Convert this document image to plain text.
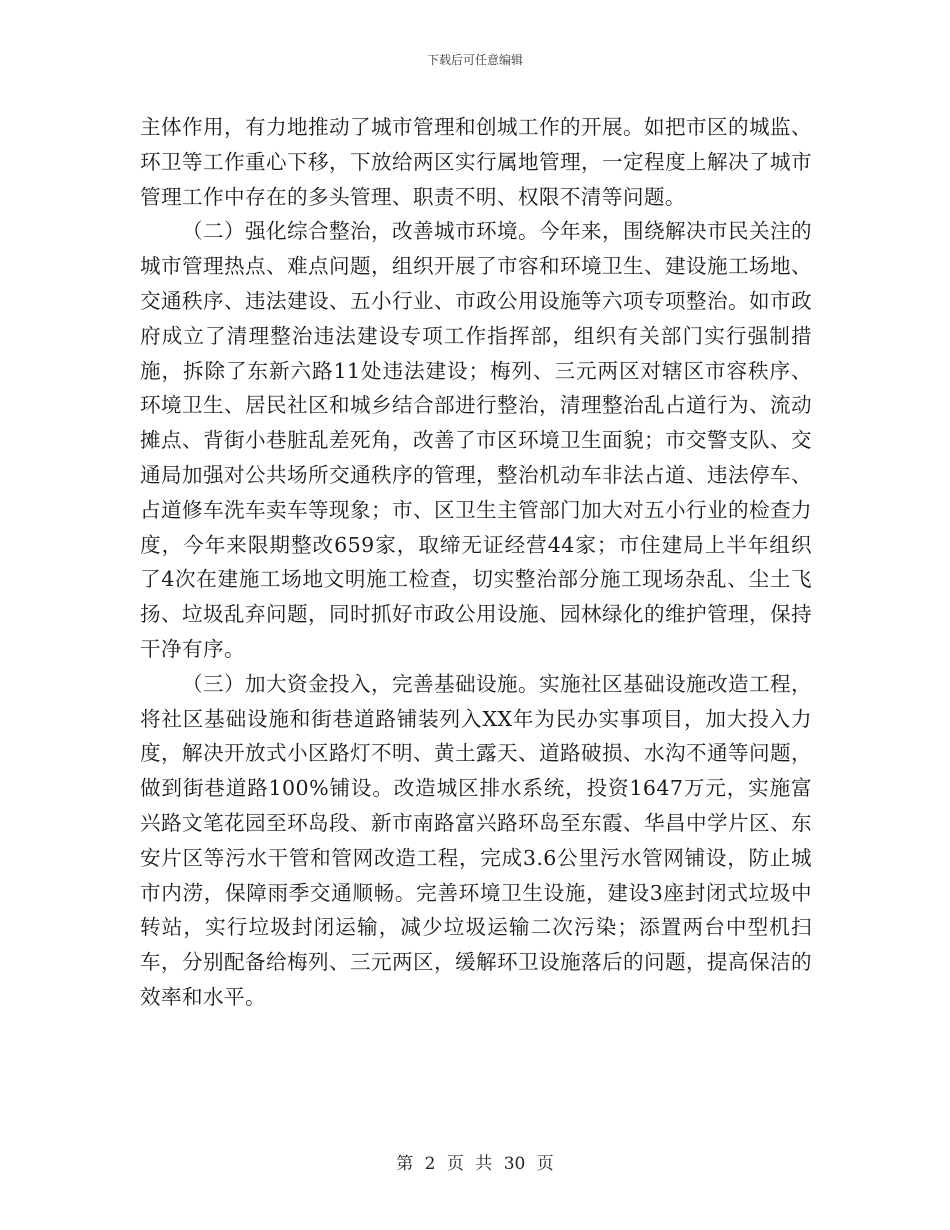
下载后可任意编辑

主体作用，有力地推动了城市管理和创城工作的开展。如把市区的城监、环卫等工作重心下移，下放给两区实行属地管理，一定程度上解决了城市管理工作中存在的多头管理、职责不明、权限不清等问题。

（二）强化综合整治，改善城市环境。今年来，围绕解决市民关注的城市管理热点、难点问题，组织开展了市容和环境卫生、建设施工场地、交通秩序、违法建设、五小行业、市政公用设施等六项专项整治。如市政府成立了清理整治违法建设专项工作指挥部，组织有关部门实行强制措施，拆除了东新六路11处违法建设；梅列、三元两区对辖区市容秩序、环境卫生、居民社区和城乡结合部进行整治，清理整治乱占道行为、流动摊点、背街小巷脏乱差死角，改善了市区环境卫生面貌；市交警支队、交通局加强对公共场所交通秩序的管理，整治机动车非法占道、违法停车、占道修车洗车卖车等现象；市、区卫生主管部门加大对五小行业的检查力度，今年来限期整改659家，取缔无证经营44家；市住建局上半年组织了4次在建施工场地文明施工检查，切实整治部分施工现场杂乱、尘土飞扬、垃圾乱弃问题，同时抓好市政公用设施、园林绿化的维护管理，保持干净有序。

（三）加大资金投入，完善基础设施。实施社区基础设施改造工程，将社区基础设施和街巷道路铺装列入XX年为民办实事项目，加大投入力度，解决开放式小区路灯不明、黄土露天、道路破损、水沟不通等问题，做到街巷道路100%铺设。改造城区排水系统，投资1647万元，实施富兴路文笔花园至环岛段、新市南路富兴路环岛至东霞、华昌中学片区、东安片区等污水干管和管网改造工程，完成3.6公里污水管网铺设，防止城市内涝，保障雨季交通顺畅。完善环境卫生设施，建设3座封闭式垃圾中转站，实行垃圾封闭运输，减少垃圾运输二次污染；添置两台中型机扫车，分别配备给梅列、三元两区，缓解环卫设施落后的问题，提高保洁的效率和水平。

第 2 页 共 30 页
